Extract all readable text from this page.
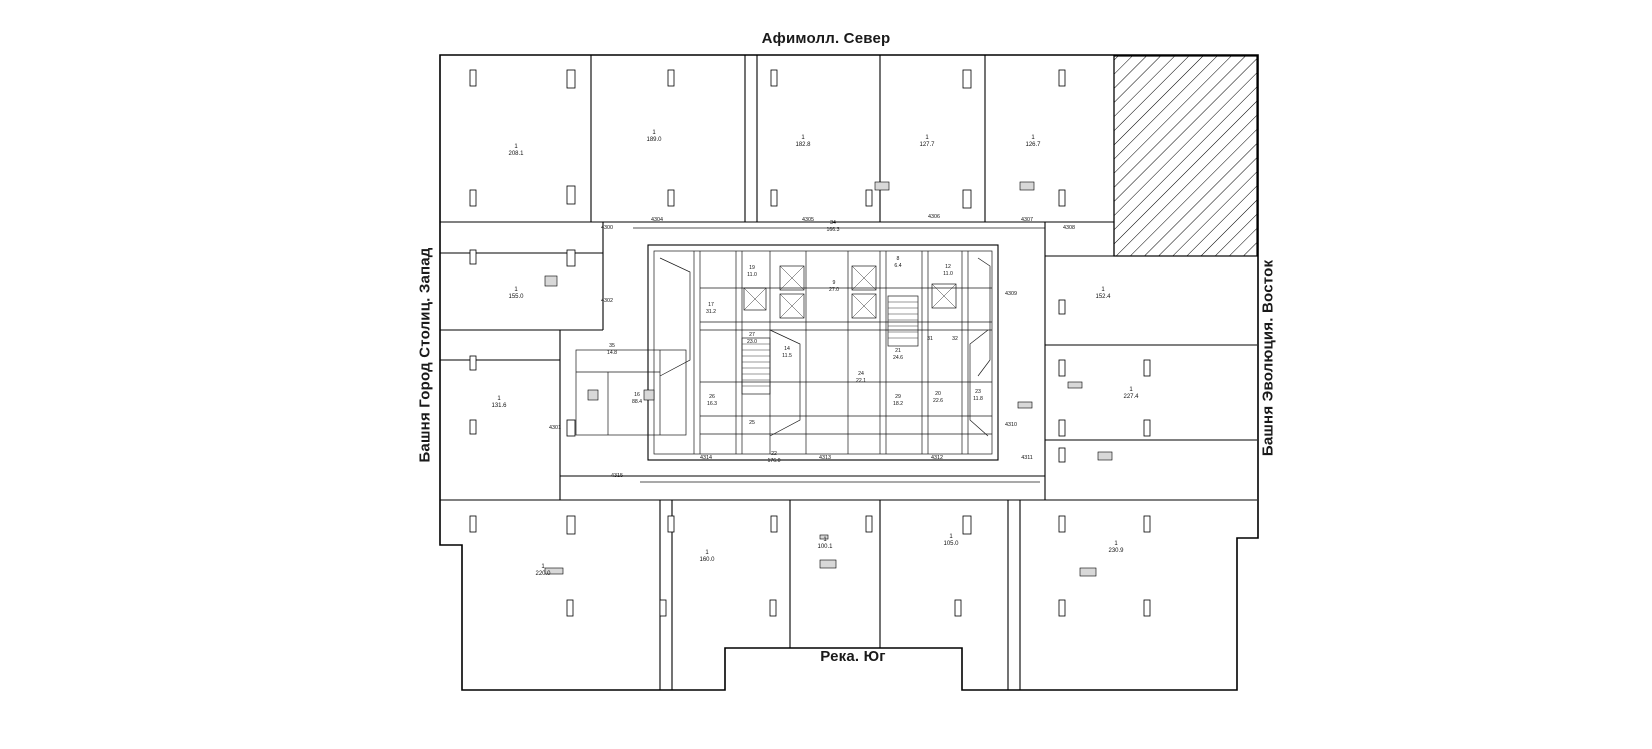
Афимолл. Север
Река. Юг
Башня Город Столиц. Запад	Башня Эволюция. Восток
1
208.1
1
189.0	1
182.8
1
127.7
1
126.7
1
155.0
1
131.6
1
152.4
1
227.4
1
220.0
1
160.0
1
100.1
1
105.0	1
230.9
17
31.2
19
11.0
9
27.0
8
6.4	12
11.0
35
14.8
27
23.0
14
11.5
21
24.6
31	32
16
88.4
26
16.3
24
22.1
29
18.2
20
22.6
23
11.8
25
22
176.0
34
166.3
4300
4302
4301
4304	4305	4306	4307
4308
4309
4310
4311
4312
4313
4314
4315
